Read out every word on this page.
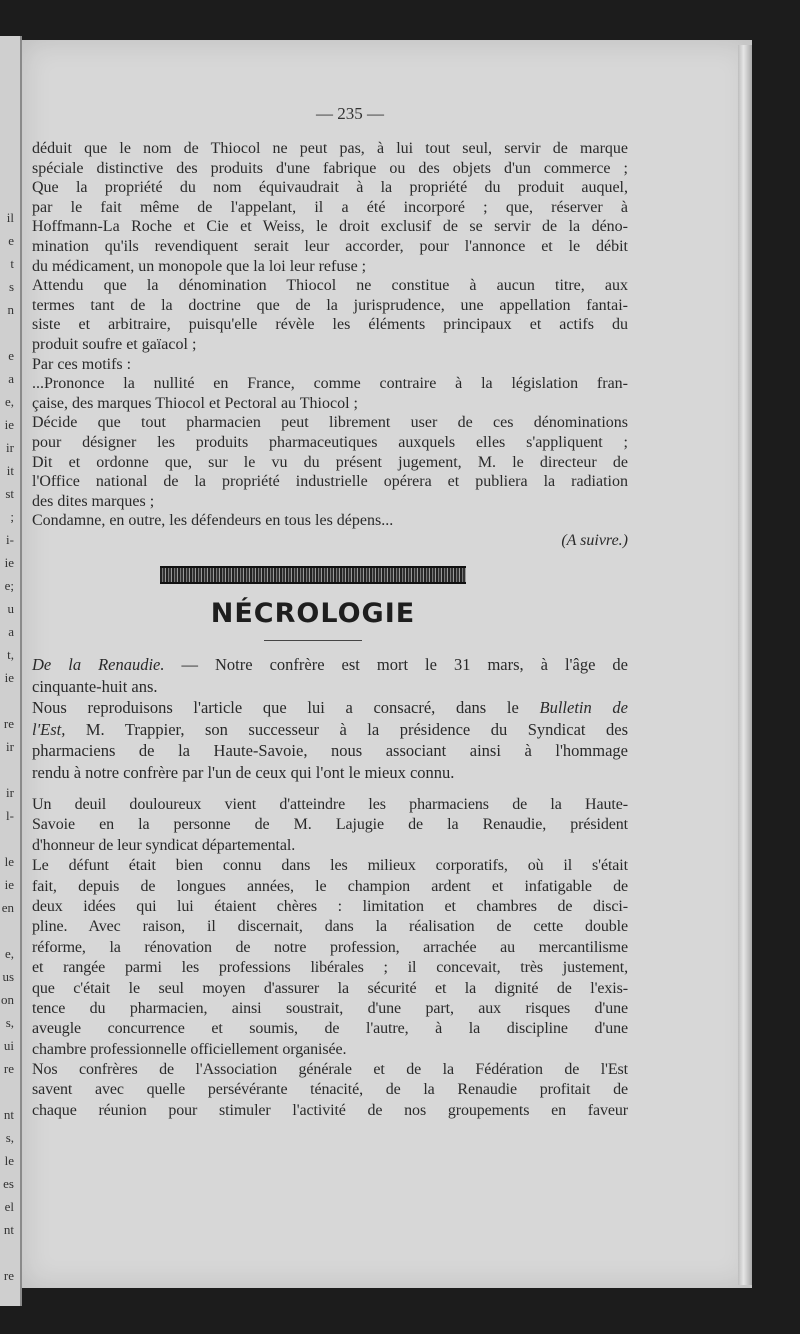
il
e
t
s
n
e
a
e,
ie
ir
it
st
;
i-
ie
e;
u
a
t,
ie
re
ir
ir
l-
le
ie
en
e,
us
on
s,
ui
re
nt
s,
le
es
el
nt
re
— 235 —
déduit que le nom de Thiocol ne peut pas, à lui tout seul, servir de marque
spéciale distinctive des produits d'une fabrique ou des objets d'un commerce ;
Que la propriété du nom équivaudrait à la propriété du produit auquel,
par le fait même de l'appelant, il a été incorporé ; que, réserver à
Hoffmann-La Roche et Cie et Weiss, le droit exclusif de se servir de la déno-
mination qu'ils revendiquent serait leur accorder, pour l'annonce et le débit
du médicament, un monopole que la loi leur refuse ;
Attendu que la dénomination Thiocol ne constitue à aucun titre, aux
termes tant de la doctrine que de la jurisprudence, une appellation fantai-
siste et arbitraire, puisqu'elle révèle les éléments principaux et actifs du
produit soufre et gaïacol ;
Par ces motifs :
...Prononce la nullité en France, comme contraire à la législation fran-
çaise, des marques Thiocol et Pectoral au Thiocol ;
Décide que tout pharmacien peut librement user de ces dénominations
pour désigner les produits pharmaceutiques auxquels elles s'appliquent ;
Dit et ordonne que, sur le vu du présent jugement, M. le directeur de
l'Office national de la propriété industrielle opérera et publiera la radiation
des dites marques ;
Condamne, en outre, les défendeurs en tous les dépens...
(A suivre.)
NÉCROLOGIE
De la Renaudie. — Notre confrère est mort le 31 mars, à l'âge de
cinquante-huit ans.
Nous reproduisons l'article que lui a consacré, dans le Bulletin de
l'Est, M. Trappier, son successeur à la présidence du Syndicat des
pharmaciens de la Haute-Savoie, nous associant ainsi à l'hommage
rendu à notre confrère par l'un de ceux qui l'ont le mieux connu.
Un deuil douloureux vient d'atteindre les pharmaciens de la Haute-
Savoie en la personne de M. Lajugie de la Renaudie, président
d'honneur de leur syndicat départemental.
Le défunt était bien connu dans les milieux corporatifs, où il s'était
fait, depuis de longues années, le champion ardent et infatigable de
deux idées qui lui étaient chères : limitation et chambres de disci-
pline. Avec raison, il discernait, dans la réalisation de cette double
réforme, la rénovation de notre profession, arrachée au mercantilisme
et rangée parmi les professions libérales ; il concevait, très justement,
que c'était le seul moyen d'assurer la sécurité et la dignité de l'exis-
tence du pharmacien, ainsi soustrait, d'une part, aux risques d'une
aveugle concurrence et soumis, de l'autre, à la discipline d'une
chambre professionnelle officiellement organisée.
Nos confrères de l'Association générale et de la Fédération de l'Est
savent avec quelle persévérante ténacité, de la Renaudie profitait de
chaque réunion pour stimuler l'activité de nos groupements en faveur
